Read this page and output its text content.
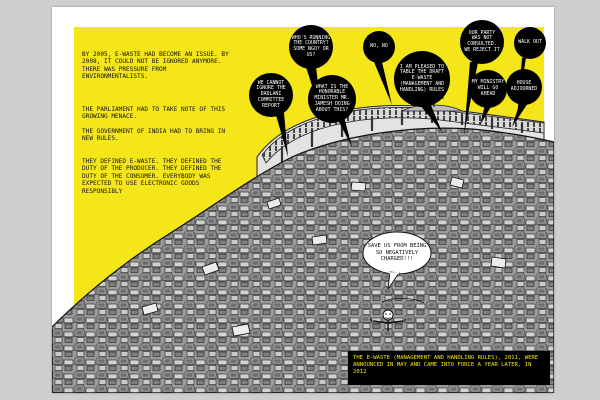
BY 2005, E-WASTE HAD BECOME AN ISSUE. BY 2008, IT COULD NOT BE IGNORED ANYMORE. THERE WAS PRESSURE FROM ENVIRONMENTALISTS.

THE PARLIAMENT HAD TO TAKE NOTE OF THIS GROWING MENACE.

THE GOVERNMENT OF INDIA HAD TO BRING IN NEW RULES.

THEY DEFINED E-WASTE. THEY DEFINED THE DUTY OF THE PRODUCER. THEY DEFINED THE DUTY OF THE CONSUMER. EVERYBODY WAS EXPECTED TO USE ELECTRONIC GOODS RESPONSIBLY

WE CANNOT IGNORE THE DADLANI COMMITTEE REPORT

WHO'S RUNNING THE COUNTRY? SOME NGO? OR US?

WHAT IS THE HONORABLE MINISTER MR. JAMESH DOING ABOUT THIS?

NO, NO

I AM PLEASED TO TABLE THE DRAFT E-WASTE (MANAGEMENT AND HANDLING) RULES

OUR PARTY WAS NOT CONSULTED. WE REJECT IT

MY MINISTRY WILL GO AHEAD

WALK OUT

HOUSE ADJOURNED

SAVE US FROM BEING SO NEGATIVELY CHARGED!!!

THE E-WASTE (MANAGEMENT AND HANDLING RULES), 2011, WERE ANNOUNCED IN MAY AND CAME INTO FORCE A YEAR LATER, IN 2012
